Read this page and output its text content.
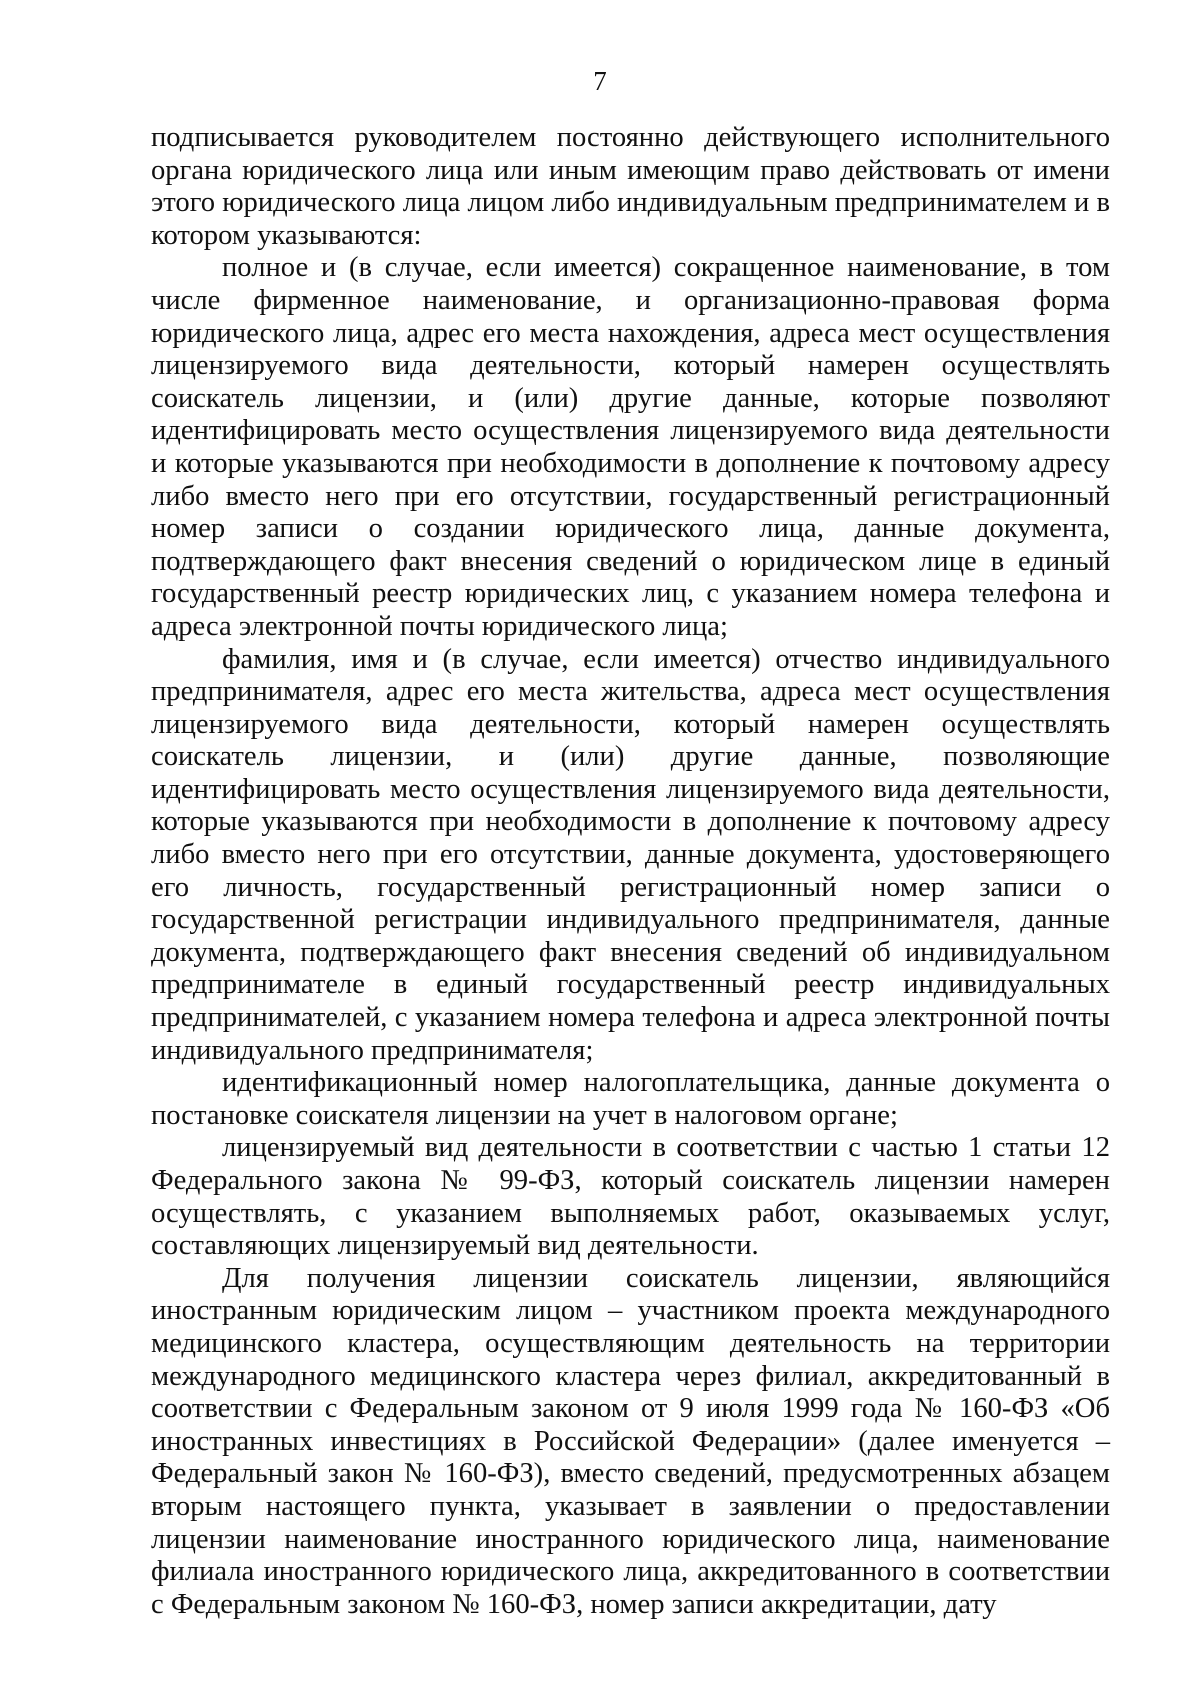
7

подписывается руководителем постоянно действующего исполнительного органа юридического лица или иным имеющим право действовать от имени этого юридического лица лицом либо индивидуальным предпринимателем и в котором указываются:

полное и (в случае, если имеется) сокращенное наименование, в том числе фирменное наименование, и организационно-правовая форма юридического лица, адрес его места нахождения, адреса мест осуществления лицензируемого вида деятельности, который намерен осуществлять соискатель лицензии, и (или) другие данные, которые позволяют идентифицировать место осуществления лицензируемого вида деятельности и которые указываются при необходимости в дополнение к почтовому адресу либо вместо него при его отсутствии, государственный регистрационный номер записи о создании юридического лица, данные документа, подтверждающего факт внесения сведений о юридическом лице в единый государственный реестр юридических лиц, с указанием номера телефона и адреса электронной почты юридического лица;

фамилия, имя и (в случае, если имеется) отчество индивидуального предпринимателя, адрес его места жительства, адреса мест осуществления лицензируемого вида деятельности, который намерен осуществлять соискатель лицензии, и (или) другие данные, позволяющие идентифицировать место осуществления лицензируемого вида деятельности, которые указываются при необходимости в дополнение к почтовому адресу либо вместо него при его отсутствии, данные документа, удостоверяющего его личность, государственный регистрационный номер записи о государственной регистрации индивидуального предпринимателя, данные документа, подтверждающего факт внесения сведений об индивидуальном предпринимателе в единый государственный реестр индивидуальных предпринимателей, с указанием номера телефона и адреса электронной почты индивидуального предпринимателя;

идентификационный номер налогоплательщика, данные документа о постановке соискателя лицензии на учет в налоговом органе;

лицензируемый вид деятельности в соответствии с частью 1 статьи 12 Федерального закона № 99-ФЗ, который соискатель лицензии намерен осуществлять, с указанием выполняемых работ, оказываемых услуг, составляющих лицензируемый вид деятельности.

Для получения лицензии соискатель лицензии, являющийся иностранным юридическим лицом – участником проекта международного медицинского кластера, осуществляющим деятельность на территории международного медицинского кластера через филиал, аккредитованный в соответствии с Федеральным законом от 9 июля 1999 года № 160-ФЗ «Об иностранных инвестициях в Российской Федерации» (далее именуется – Федеральный закон № 160-ФЗ), вместо сведений, предусмотренных абзацем вторым настоящего пункта, указывает в заявлении о предоставлении лицензии наименование иностранного юридического лица, наименование филиала иностранного юридического лица, аккредитованного в соответствии с Федеральным законом № 160-ФЗ, номер записи аккредитации, дату
